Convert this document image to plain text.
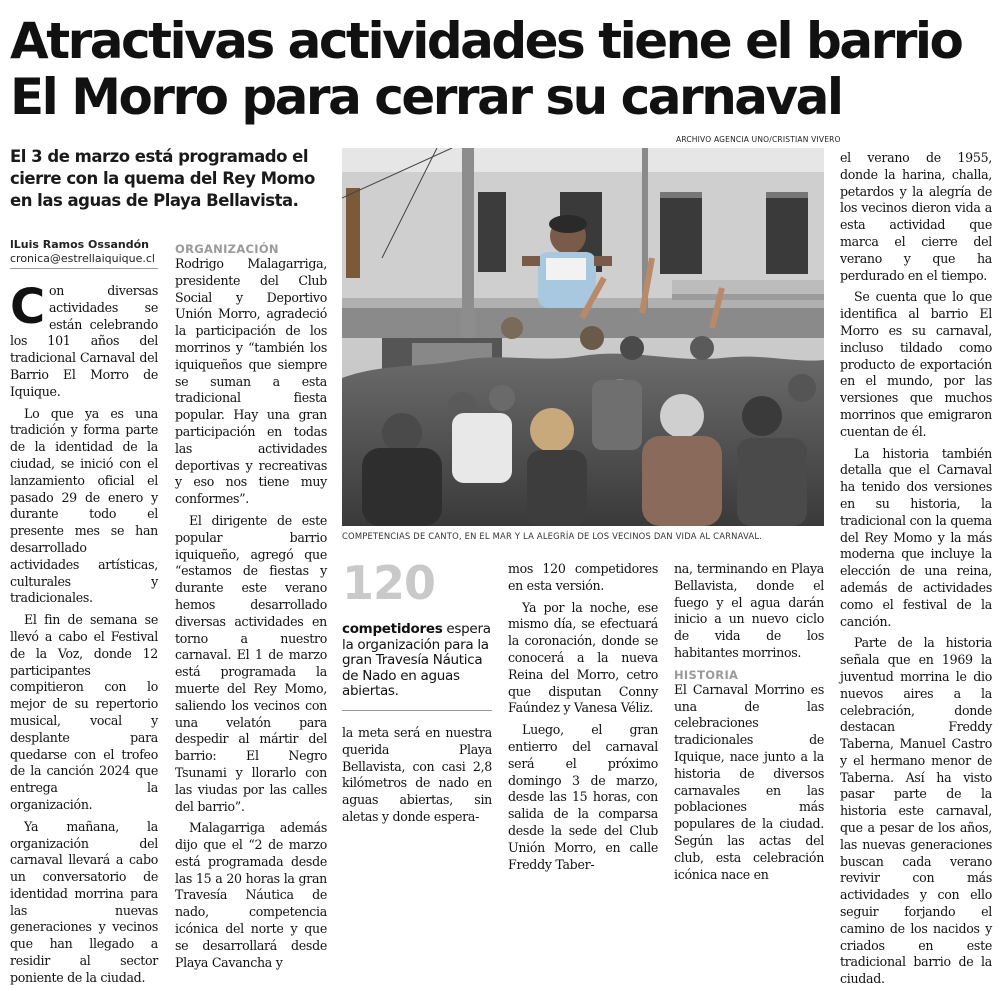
Atractivas actividades tiene el barrio
El Morro para cerrar su carnaval
El 3 de marzo está programado el cierre con la quema del Rey Momo en las aguas de Playa Bellavista.
lLuis Ramos Ossandón
cronica@estrellaiquique.cl

Con diversas actividades se están celebrando los 101 años del tradicional Carnaval del Barrio El Morro de Iquique.

Lo que ya es una tradición y forma parte de la identidad de la ciudad, se inició con el lanzamiento oficial el pasado 29 de enero y durante todo el presente mes se han desarrollado actividades artísticas, culturales y tradicionales.

El fin de semana se llevó a cabo el Festival de la Voz, donde 12 participantes compitieron con lo mejor de su repertorio musical, vocal y desplante para quedarse con el trofeo de la canción 2024 que entrega la organización.

Ya mañana, la organización del carnaval llevará a cabo un conversatorio de identidad morrina para las nuevas generaciones y vecinos que han llegado a residir al sector poniente de la ciudad.

ORGANIZACIÓN

Rodrigo Malagarriga, presidente del Club Social y Deportivo Unión Morro, agradeció la participación de los morrinos y “también los iquiqueños que siempre se suman a esta tradicional fiesta popular. Hay una gran participación en todas las actividades deportivas y recreativas y eso nos tiene muy conformes”.

El dirigente de este popular barrio iquiqueño, agregó que “estamos de fiestas y durante este verano hemos desarrollado diversas actividades en torno a nuestro carnaval. El 1 de marzo está programada la muerte del Rey Momo, saliendo los vecinos con una velatón para despedir al mártir del barrio: El Negro Tsunami y llorarlo con las viudas por las calles del barrio”.

Malagarriga además dijo que el “2 de marzo está programada desde las 15 a 20 horas la gran Travesía Náutica de nado, competencia icónica del norte y que se desarrollará desde Playa Cavancha y

ARCHIVO AGENCIA UNO/CRISTIAN VIVERO
COMPETENCIAS DE CANTO, EN EL MAR Y LA ALEGRÍA DE LOS VECINOS DAN VIDA AL CARNAVAL.
120
competidores espera la organización para la gran Travesía Náutica de Nado en aguas abiertas.

la meta será en nuestra querida Playa Bellavista, con casi 2,8 kilómetros de nado en aguas abiertas, sin aletas y donde espera-

mos 120 competidores en esta versión.

Ya por la noche, ese mismo día, se efectuará la coronación, donde se conocerá a la nueva Reina del Morro, cetro que disputan Conny Faúndez y Vanesa Véliz.

Luego, el gran entierro del carnaval será el próximo domingo 3 de marzo, desde las 15 horas, con salida de la comparsa desde la sede del Club Unión Morro, en calle Freddy Taber-

na, terminando en Playa Bellavista, donde el fuego y el agua darán inicio a un nuevo ciclo de vida de los habitantes morrinos.

HISTORIA

El Carnaval Morrino es una de las celebraciones tradicionales de Iquique, nace junto a la historia de diversos carnavales en las poblaciones más populares de la ciudad. Según las actas del club, esta celebración icónica nace en

el verano de 1955, donde la harina, challa, petardos y la alegría de los vecinos dieron vida a esta actividad que marca el cierre del verano y que ha perdurado en el tiempo.

Se cuenta que lo que identifica al barrio El Morro es su carnaval, incluso tildado como producto de exportación en el mundo, por las versiones que muchos morrinos que emigraron cuentan de él.

La historia también detalla que el Carnaval ha tenido dos versiones en su historia, la tradicional con la quema del Rey Momo y la más moderna que incluye la elección de una reina, además de actividades como el festival de la canción.

Parte de la historia señala que en 1969 la juventud morrina le dio nuevos aires a la celebración, donde destacan Freddy Taberna, Manuel Castro y el hermano menor de Taberna. Así ha visto pasar parte de la historia este carnaval, que a pesar de los años, las nuevas generaciones buscan cada verano revivir con más actividades y con ello seguir forjando el camino de los nacidos y criados en este tradicional barrio de la ciudad.
